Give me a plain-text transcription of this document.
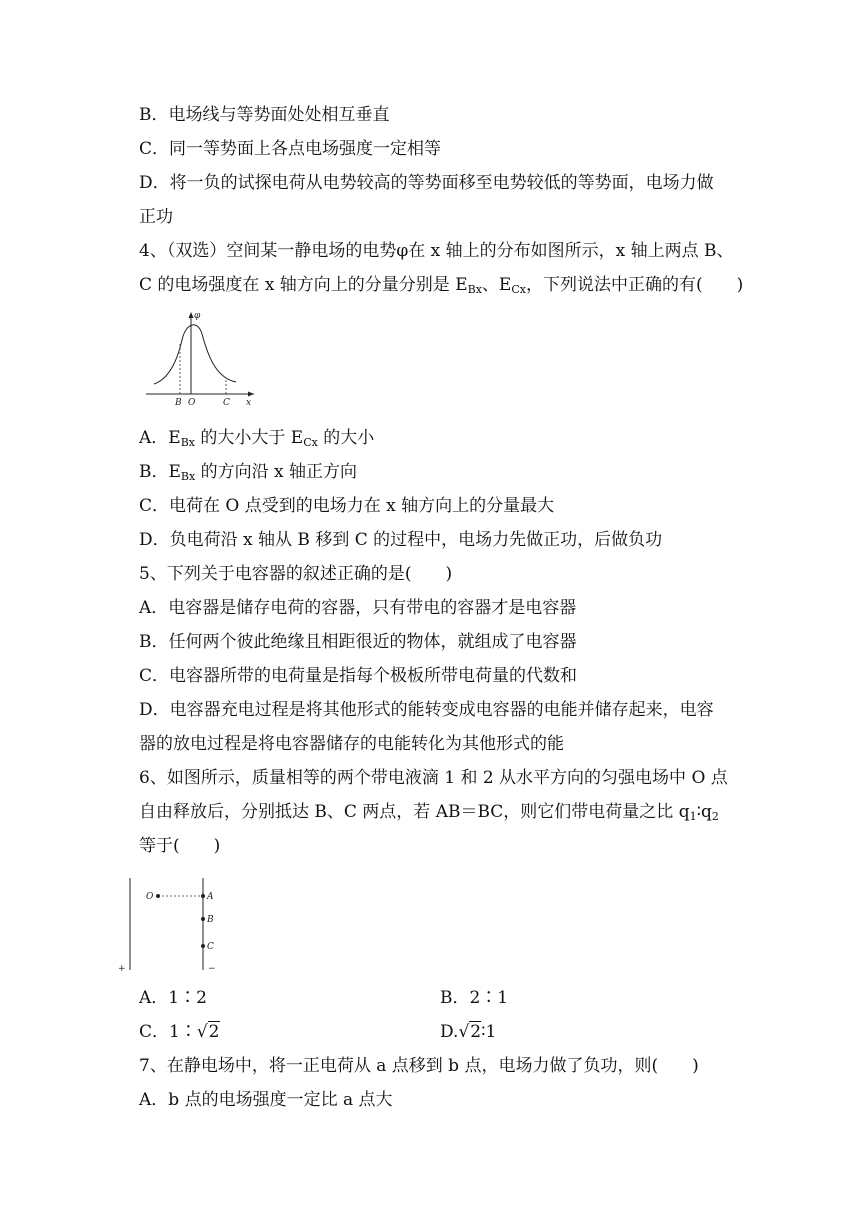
B．电场线与等势面处处相互垂直
C．同一等势面上各点电场强度一定相等
D．将一负的试探电荷从电势较高的等势面移至电势较低的等势面，电场力做
正功
4、（双选）空间某一静电场的电势φ在 x 轴上的分布如图所示，x 轴上两点 B、
C 的电场强度在 x 轴方向上的分量分别是 $E_{Bx}$、$E_{Cx}$，下列说法中正确的有(　　)
φ
B O	C x
A．$E_{Bx}$ 的大小大于 $E_{Cx}$ 的大小
B．$E_{Bx}$ 的方向沿 x 轴正方向
C．电荷在 O 点受到的电场力在 x 轴方向上的分量最大
D．负电荷沿 x 轴从 B 移到 C 的过程中，电场力先做正功，后做负功
5、下列关于电容器的叙述正确的是(　　)
A．电容器是储存电荷的容器，只有带电的容器才是电容器
B．任何两个彼此绝缘且相距很近的物体，就组成了电容器
C．电容器所带的电荷量是指每个极板所带电荷量的代数和
D．电容器充电过程是将其他形式的能转变成电容器的电能并储存起来，电容
器的放电过程是将电容器储存的电能转化为其他形式的能
6、如图所示，质量相等的两个带电液滴 1 和 2 从水平方向的匀强电场中 O 点
自由释放后，分别抵达 B、C 两点，若 AB＝BC，则它们带电荷量之比 $q_1∶q_2$
等于(　　)
O	A
B
C
+	−
A．1∶2	B．2∶1
C．1∶√2	D.√2∶1
7、在静电场中，将一正电荷从 a 点移到 b 点，电场力做了负功，则(　　)
A．b 点的电场强度一定比 a 点大
